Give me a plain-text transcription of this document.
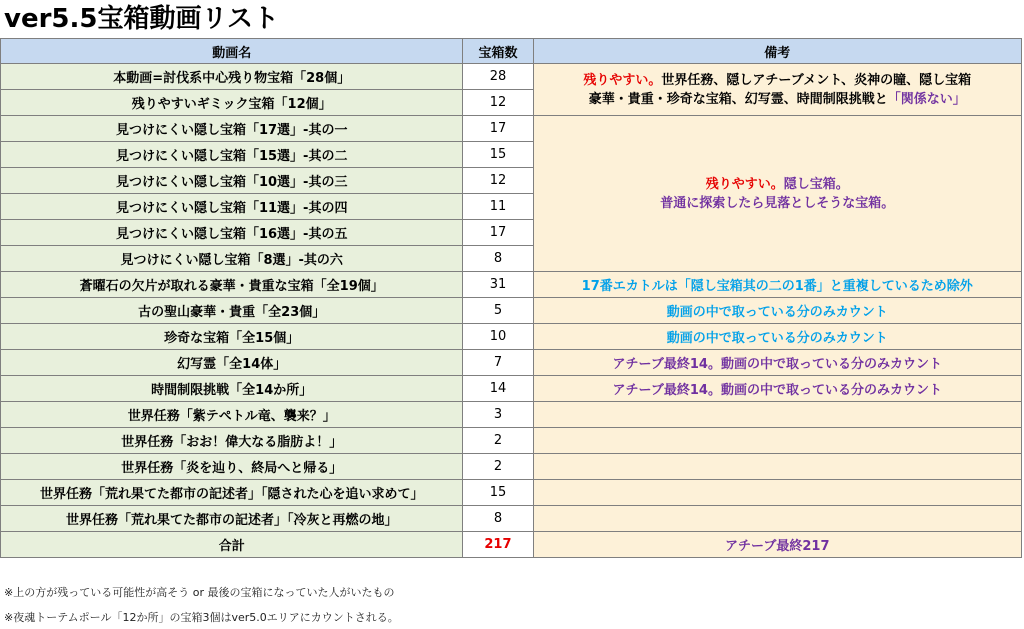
ver5.5宝箱動画リスト
動画名	宝箱数	備考
本動画=討伐系中心残り物宝箱「28個」	28	残りやすい。世界任務、隠しアチーブメント、炎神の瞳、隠し宝箱
豪華・貴重・珍奇な宝箱、幻写霊、時間制限挑戦と「関係ない」
残りやすいギミック宝箱「12個」	12	
見つけにくい隠し宝箱「17選」-其の一	17	残りやすい。隠し宝箱。
普通に探索したら見落としそうな宝箱。
見つけにくい隠し宝箱「15選」-其の二	15	
見つけにくい隠し宝箱「10選」-其の三	12	
見つけにくい隠し宝箱「11選」-其の四	11	
見つけにくい隠し宝箱「16選」-其の五	17	
見つけにくい隠し宝箱「8選」-其の六	8	
蒼曜石の欠片が取れる豪華・貴重な宝箱「全19個」	31	17番エカトルは「隠し宝箱其の二の1番」と重複しているため除外
古の聖山豪華・貴重「全23個」	5	動画の中で取っている分のみカウント
珍奇な宝箱「全15個」	10	動画の中で取っている分のみカウント
幻写霊「全14体」	7	アチーブ最終14。動画の中で取っている分のみカウント
時間制限挑戦「全14か所」	14	アチーブ最終14。動画の中で取っている分のみカウント
世界任務「紫テペトル竜、襲来？」	3	
世界任務「おお！偉大なる脂肪よ！」	2	
世界任務「炎を辿り、終局へと帰る」	2	
世界任務「荒れ果てた都市の記述者」「隠された心を追い求めて」	15	
世界任務「荒れ果てた都市の記述者」「冷灰と再燃の地」	8	
合計	217	アチーブ最終217
※上の方が残っている可能性が高そう or 最後の宝箱になっていた人がいたもの
※夜魂トーテムポール「12か所」の宝箱3個はver5.0エリアにカウントされる。
